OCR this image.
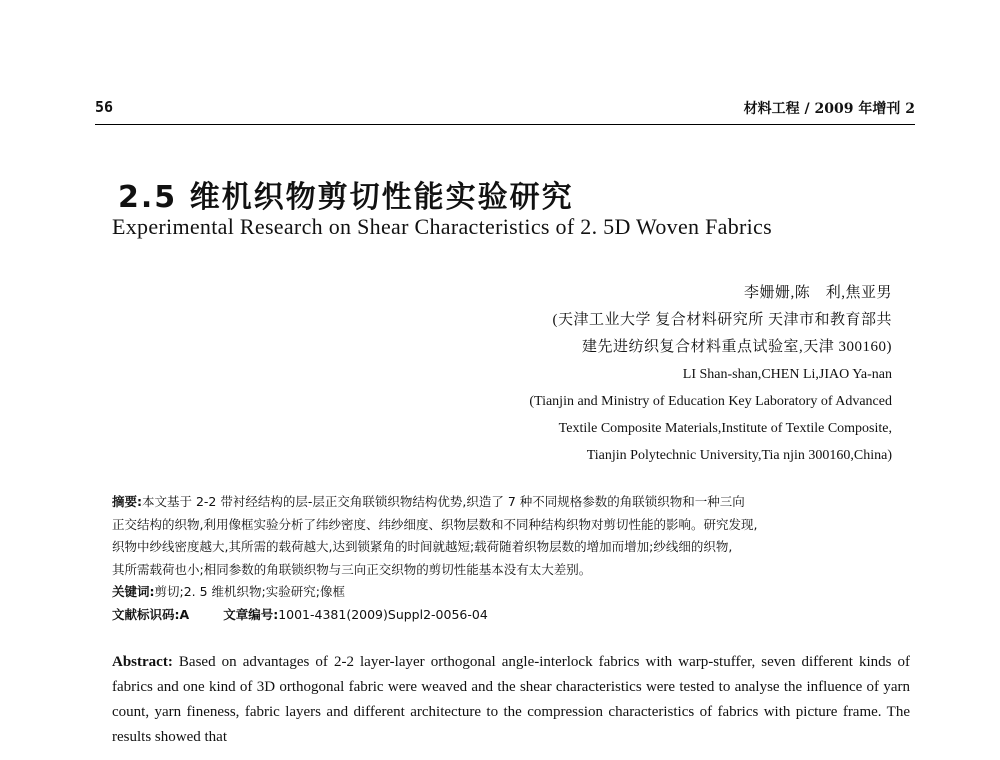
56	材料工程 / 2009 年增刊 2
2.5 维机织物剪切性能实验研究
Experimental Research on Shear Characteristics of 2. 5D Woven Fabrics
李姗姗,陈　利,焦亚男
(天津工业大学 复合材料研究所 天津市和教育部共
建先进纺织复合材料重点试验室,天津 300160)
LI Shan-shan,CHEN Li,JIAO Ya-nan
(Tianjin and Ministry of Education Key Laboratory of Advanced
Textile Composite Materials,Institute of Textile Composite,
Tianjin Polytechnic University,Tia njin 300160,China)
摘要:本文基于 2-2 带衬经结构的层-层正交角联锁织物结构优势,织造了 7 种不同规格参数的角联锁织物和一种三向
正交结构的织物,利用像框实验分析了纬纱密度、纬纱细度、织物层数和不同种结构织物对剪切性能的影响。研究发现,
织物中纱线密度越大,其所需的载荷越大,达到锁紧角的时间就越短;载荷随着织物层数的增加而增加;纱线细的织物,
其所需载荷也小;相同参数的角联锁织物与三向正交织物的剪切性能基本没有太大差别。
关键词:剪切;2. 5 维机织物;实验研究;像框
文献标识码:A	文章编号:1001-4381(2009)Suppl2-0056-04
Abstract: Based on advantages of 2-2 layer-layer orthogonal angle-interlock fabrics with warp-stuffer, seven different kinds of fabrics and one kind of 3D orthogonal fabric were weaved and the shear characteristics were tested to analyse the influence of yarn count, yarn fineness, fabric layers and different architecture to the compression characteristics of fabrics with picture frame. The results showed that
